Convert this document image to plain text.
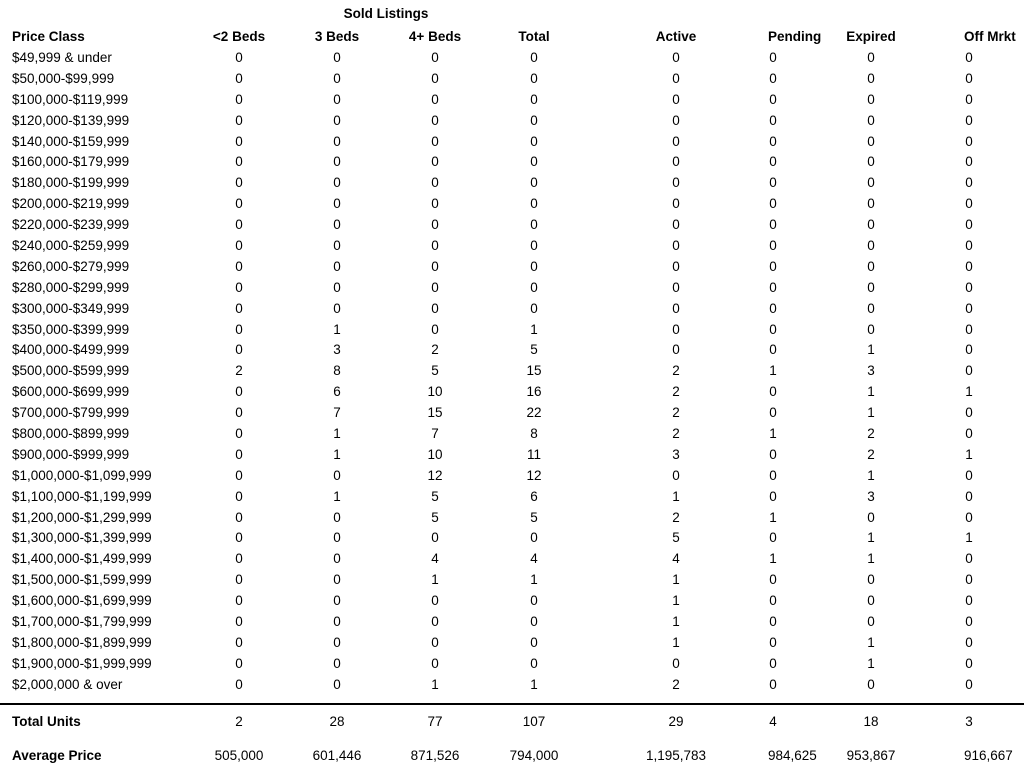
Sold Listings
Price Class	<2 Beds	3 Beds	4+ Beds	Total	Active	Pending	Expired	Off Mrkt	
$49,999 & under	0	0	0	0	0	0	0	0	
$50,000-$99,999	0	0	0	0	0	0	0	0	
$100,000-$119,999	0	0	0	0	0	0	0	0	
$120,000-$139,999	0	0	0	0	0	0	0	0	
$140,000-$159,999	0	0	0	0	0	0	0	0	
$160,000-$179,999	0	0	0	0	0	0	0	0	
$180,000-$199,999	0	0	0	0	0	0	0	0	
$200,000-$219,999	0	0	0	0	0	0	0	0	
$220,000-$239,999	0	0	0	0	0	0	0	0	
$240,000-$259,999	0	0	0	0	0	0	0	0	
$260,000-$279,999	0	0	0	0	0	0	0	0	
$280,000-$299,999	0	0	0	0	0	0	0	0	
$300,000-$349,999	0	0	0	0	0	0	0	0	
$350,000-$399,999	0	1	0	1	0	0	0	0	
$400,000-$499,999	0	3	2	5	0	0	1	0	
$500,000-$599,999	2	8	5	15	2	1	3	0	
$600,000-$699,999	0	6	10	16	2	0	1	1	
$700,000-$799,999	0	7	15	22	2	0	1	0	
$800,000-$899,999	0	1	7	8	2	1	2	0	
$900,000-$999,999	0	1	10	11	3	0	2	1	
$1,000,000-$1,099,999	0	0	12	12	0	0	1	0	
$1,100,000-$1,199,999	0	1	5	6	1	0	3	0	
$1,200,000-$1,299,999	0	0	5	5	2	1	0	0	
$1,300,000-$1,399,999	0	0	0	0	5	0	1	1	
$1,400,000-$1,499,999	0	0	4	4	4	1	1	0	
$1,500,000-$1,599,999	0	0	1	1	1	0	0	0	
$1,600,000-$1,699,999	0	0	0	0	1	0	0	0	
$1,700,000-$1,799,999	0	0	0	0	1	0	0	0	
$1,800,000-$1,899,999	0	0	0	0	1	0	1	0	
$1,900,000-$1,999,999	0	0	0	0	0	0	1	0	
$2,000,000 & over	0	0	1	1	2	0	0	0	

Total Units	2	28	77	107	29	4	18	3	
Average Price	505,000	601,446	871,526	794,000	1,195,783	984,625	953,867	916,667	
